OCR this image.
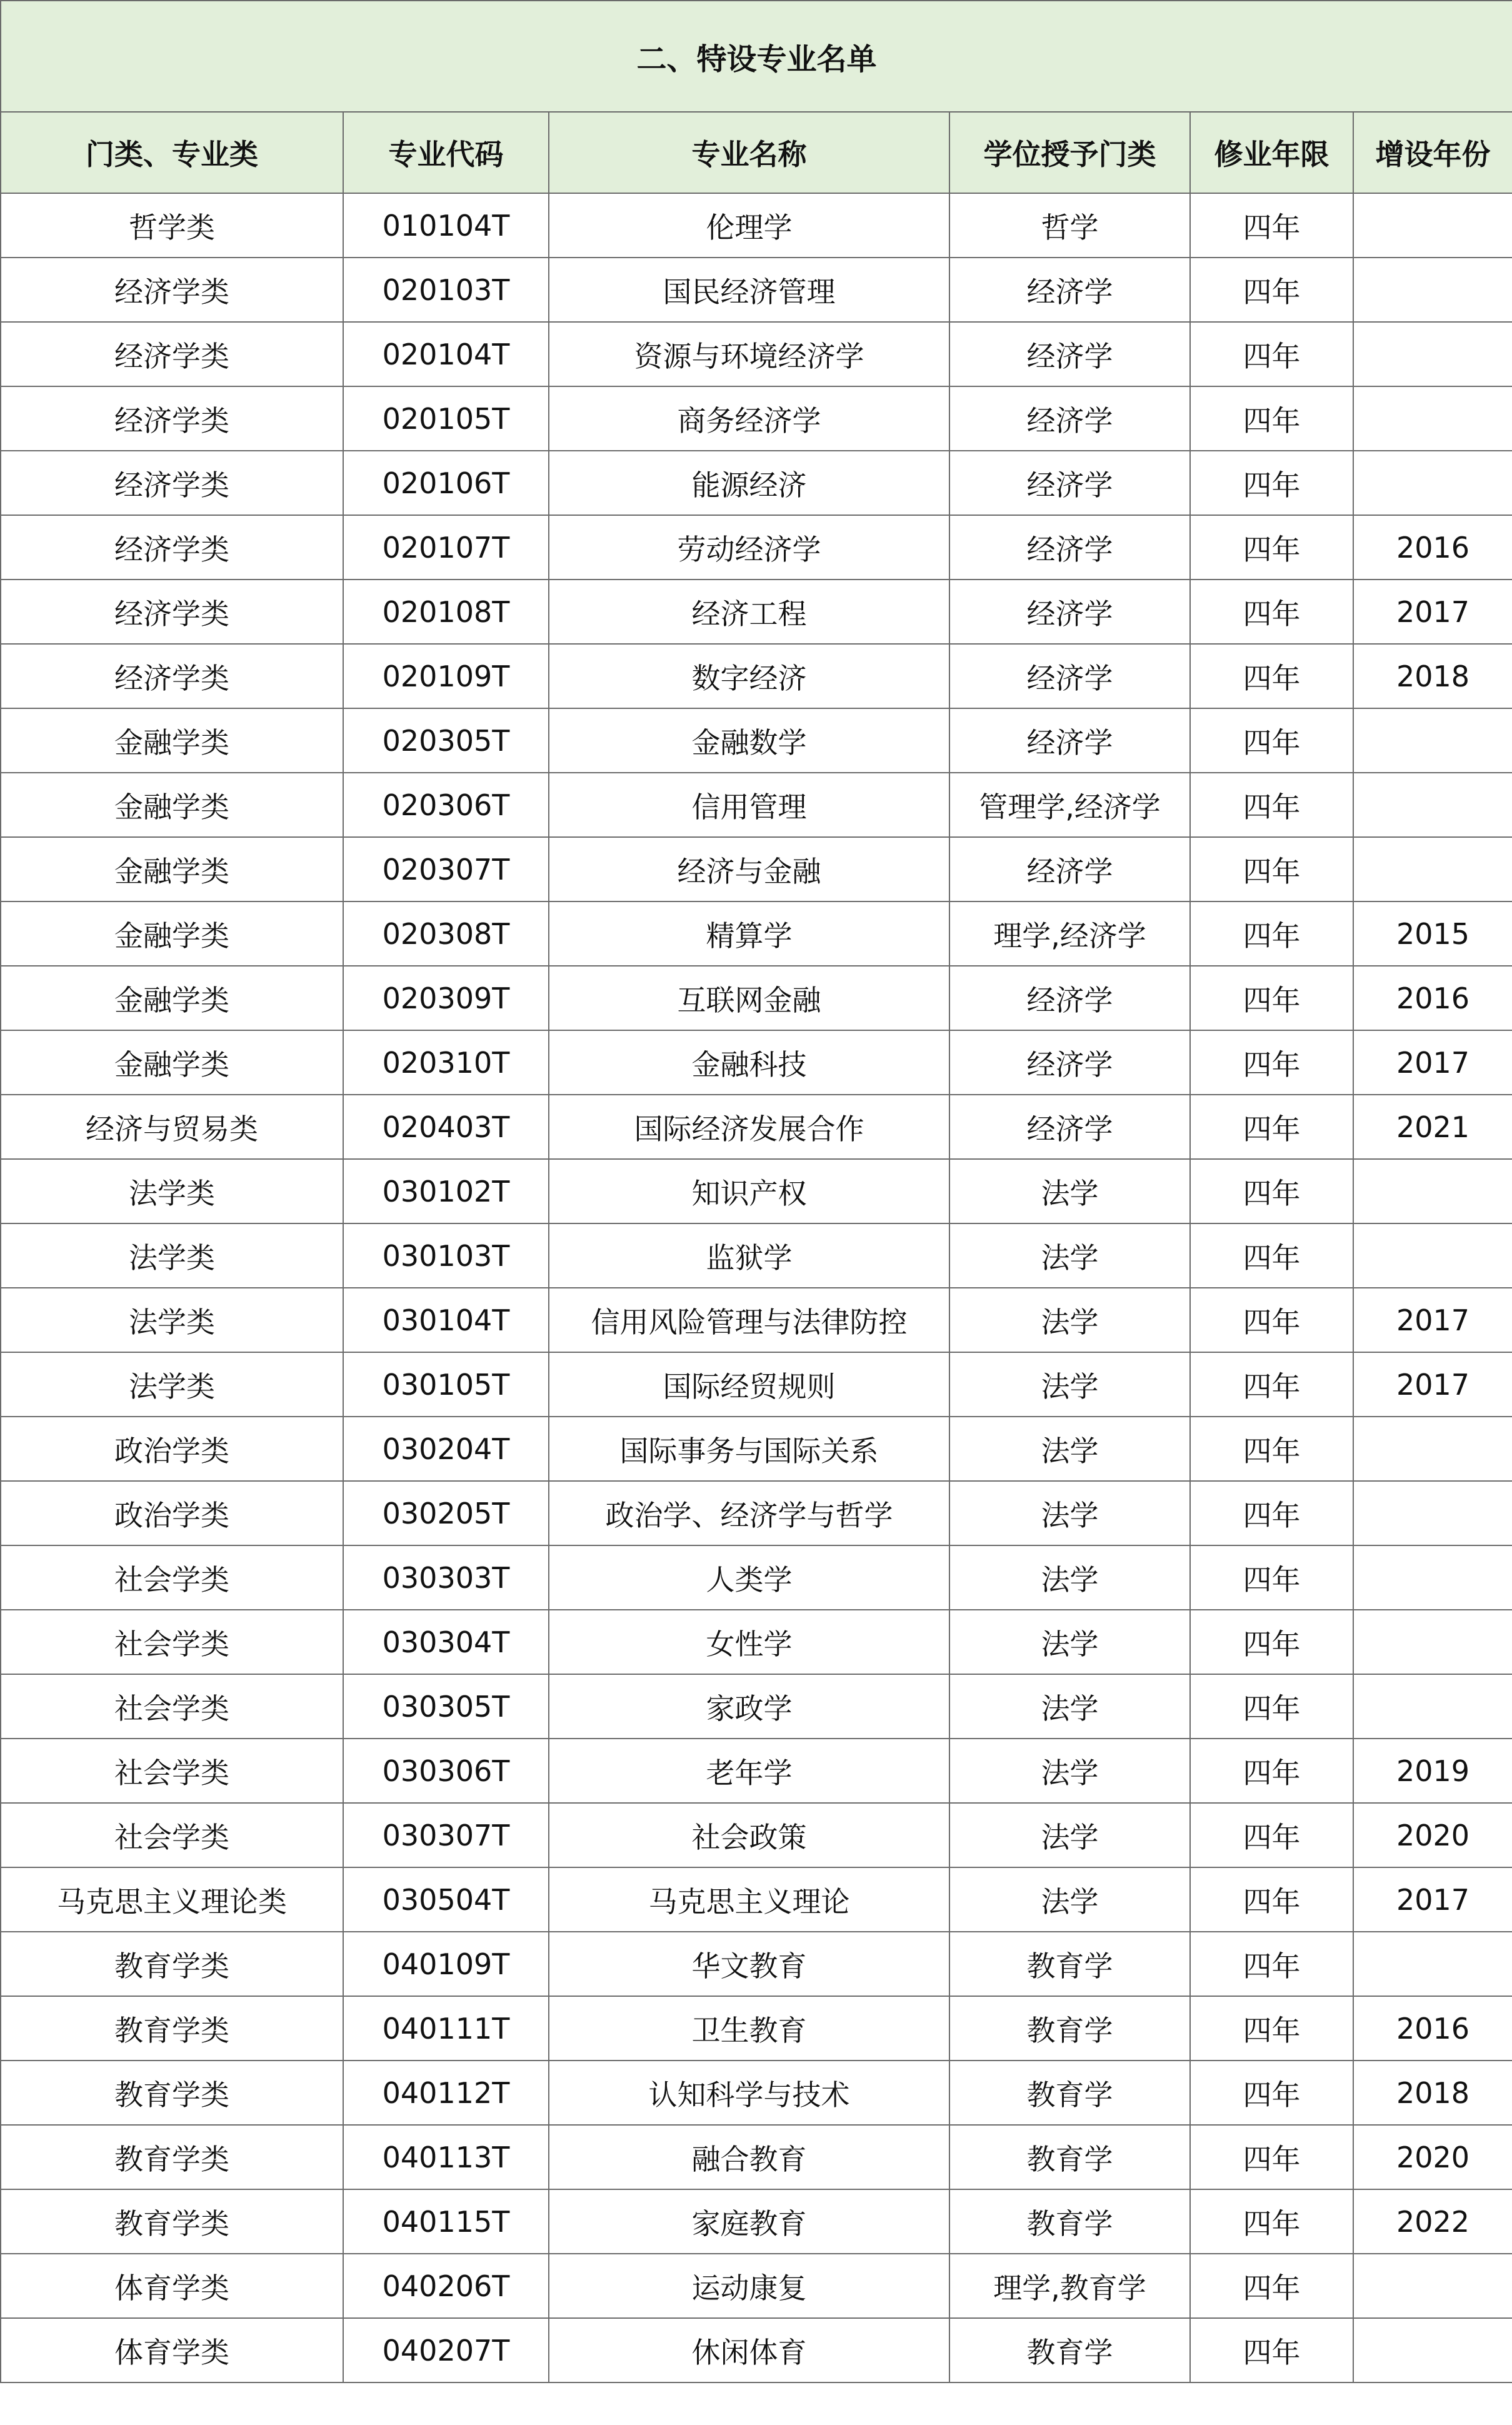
二、特设专业名单					
门类、专业类	专业代码	专业名称	学位授予门类	修业年限	增设年份
哲学类	010104T	伦理学	哲学	四年	
经济学类	020103T	国民经济管理	经济学	四年	
经济学类	020104T	资源与环境经济学	经济学	四年	
经济学类	020105T	商务经济学	经济学	四年	
经济学类	020106T	能源经济	经济学	四年	
经济学类	020107T	劳动经济学	经济学	四年	2016
经济学类	020108T	经济工程	经济学	四年	2017
经济学类	020109T	数字经济	经济学	四年	2018
金融学类	020305T	金融数学	经济学	四年	
金融学类	020306T	信用管理	管理学,经济学	四年	
金融学类	020307T	经济与金融	经济学	四年	
金融学类	020308T	精算学	理学,经济学	四年	2015
金融学类	020309T	互联网金融	经济学	四年	2016
金融学类	020310T	金融科技	经济学	四年	2017
经济与贸易类	020403T	国际经济发展合作	经济学	四年	2021
法学类	030102T	知识产权	法学	四年	
法学类	030103T	监狱学	法学	四年	
法学类	030104T	信用风险管理与法律防控	法学	四年	2017
法学类	030105T	国际经贸规则	法学	四年	2017
政治学类	030204T	国际事务与国际关系	法学	四年	
政治学类	030205T	政治学、经济学与哲学	法学	四年	
社会学类	030303T	人类学	法学	四年	
社会学类	030304T	女性学	法学	四年	
社会学类	030305T	家政学	法学	四年	
社会学类	030306T	老年学	法学	四年	2019
社会学类	030307T	社会政策	法学	四年	2020
马克思主义理论类	030504T	马克思主义理论	法学	四年	2017
教育学类	040109T	华文教育	教育学	四年	
教育学类	040111T	卫生教育	教育学	四年	2016
教育学类	040112T	认知科学与技术	教育学	四年	2018
教育学类	040113T	融合教育	教育学	四年	2020
教育学类	040115T	家庭教育	教育学	四年	2022
体育学类	040206T	运动康复	理学,教育学	四年	
体育学类	040207T	休闲体育	教育学	四年	
